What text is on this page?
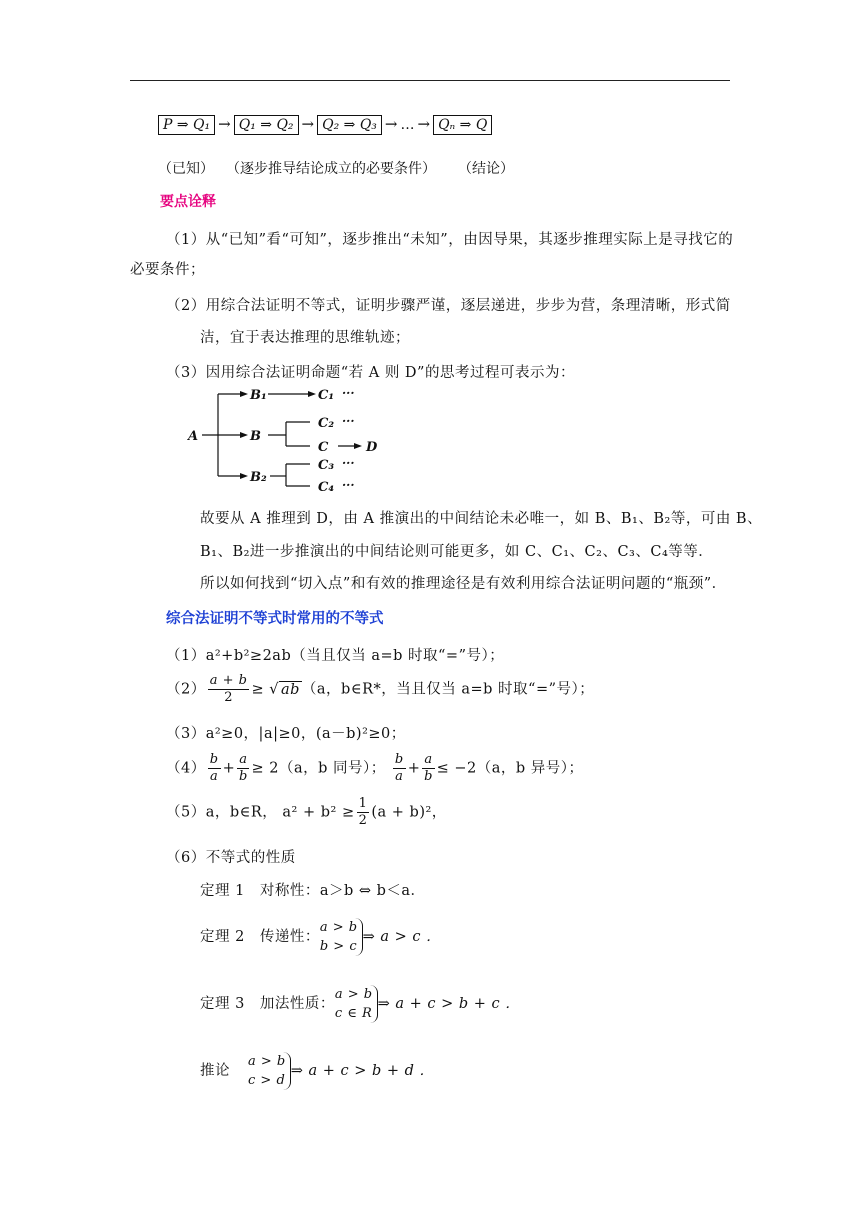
P ⇒ Q₁ → Q₁ ⇒ Q₂ → Q₂ ⇒ Q₃ → … → Qₙ ⇒ Q
（已知） （逐步推导结论成立的必要条件） （结论）
要点诠释
（1）从“已知”看“可知”，逐步推出“未知”，由因导果，其逐步推理实际上是寻找它的
必要条件；
（2）用综合法证明不等式，证明步骤严谨，逐层递进，步步为营，条理清晰，形式简
洁，宜于表达推理的思维轨迹；
（3）因用综合法证明命题“若 A 则 D”的思考过程可表示为：
A
B₁
B
B₂
C₁
C₂
C
C₃
C₄
D
···
···
···
···
故要从 A 推理到 D，由 A 推演出的中间结论未必唯一，如 B、B₁、B₂等，可由 B、
B₁、B₂进一步推演出的中间结论则可能更多，如 C、C₁、C₂、C₃、C₄等等．
所以如何找到“切入点”和有效的推理途径是有效利用综合法证明问题的“瓶颈”．
综合法证明不等式时常用的不等式
（1）a²+b²≥2ab（当且仅当 a=b 时取“=”号）；
$(2) \frac{a + b}{2}$ ≥ √ ab （a，b∈R*，当且仅当 a=b 时取“=”号）；
（3）a²≥0，|a|≥0，(a－b)²≥0；
$(4) \frac{b}{a} + \frac{a}{b} \ge 2(a$，b 同号）； $\frac{b}{a} + \frac{a}{b} \le -2(a$，b 异号）；
（5）a，b∈R， $a^2 + b^2 \ge \frac{1}{2} (a + b)^2$，
（6）不等式的性质
定理 1　对称性：a＞b ⇔ b＜a．
定理 2　传递性：
a > b
b > c
⇒ a > c ．
定理 3　加法性质：
a > b
c ∈ R
⇒ a + c > b + c ．
推论
a > b
c > d
⇒ a + c > b + d ．
